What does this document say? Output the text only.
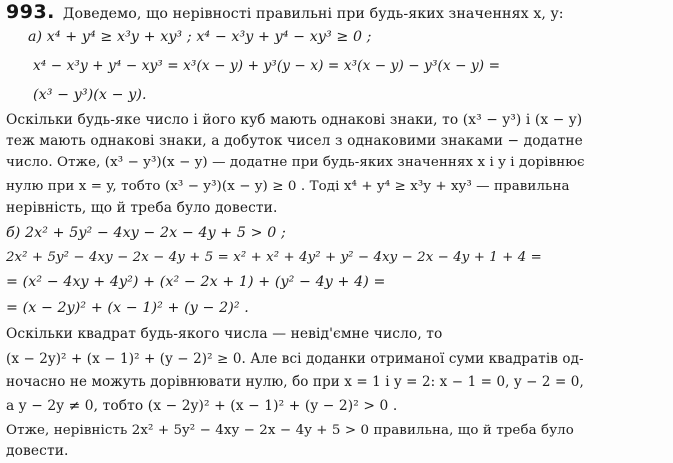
993. Доведемо, що нерівності правильні при будь-яких значеннях x, y:
а) x⁴ + y⁴ ≥ x³y + xy³ ; x⁴ − x³y + y⁴ − xy³ ≥ 0 ;
x⁴ − x³y + y⁴ − xy³ = x³(x − y) + y³(y − x) = x³(x − y) − y³(x − y) =
(x³ − y³)(x − y).
Оскільки будь-яке число і його куб мають однакові знаки, то (x³ − y³) і (x − y)
теж мають однакові знаки, а добуток чисел з однаковими знаками − додатне
число. Отже, (x³ − y³)(x − y) — додатне при будь-яких значеннях x і y і дорівнює
нулю при x = y, тобто (x³ − y³)(x − y) ≥ 0 . Тоді x⁴ + y⁴ ≥ x³y + xy³ — правильна
нерівність, що й треба було довести.
б) 2x² + 5y² − 4xy − 2x − 4y + 5 > 0 ;
2x² + 5y² − 4xy − 2x − 4y + 5 = x² + x² + 4y² + y² − 4xy − 2x − 4y + 1 + 4 =
= (x² − 4xy + 4y²) + (x² − 2x + 1) + (y² − 4y + 4) =
= (x − 2y)² + (x − 1)² + (y − 2)² .
Оскільки квадрат будь-якого числа — невід'ємне число, то
(x − 2y)² + (x − 1)² + (y − 2)² ≥ 0. Але всі доданки отриманої суми квадратів од-
ночасно не можуть дорівнювати нулю, бо при x = 1 і y = 2: x − 1 = 0, y − 2 = 0,
а y − 2y ≠ 0, тобто (x − 2y)² + (x − 1)² + (y − 2)² > 0 .
Отже, нерівність 2x² + 5y² − 4xy − 2x − 4y + 5 > 0 правильна, що й треба було
довести.
